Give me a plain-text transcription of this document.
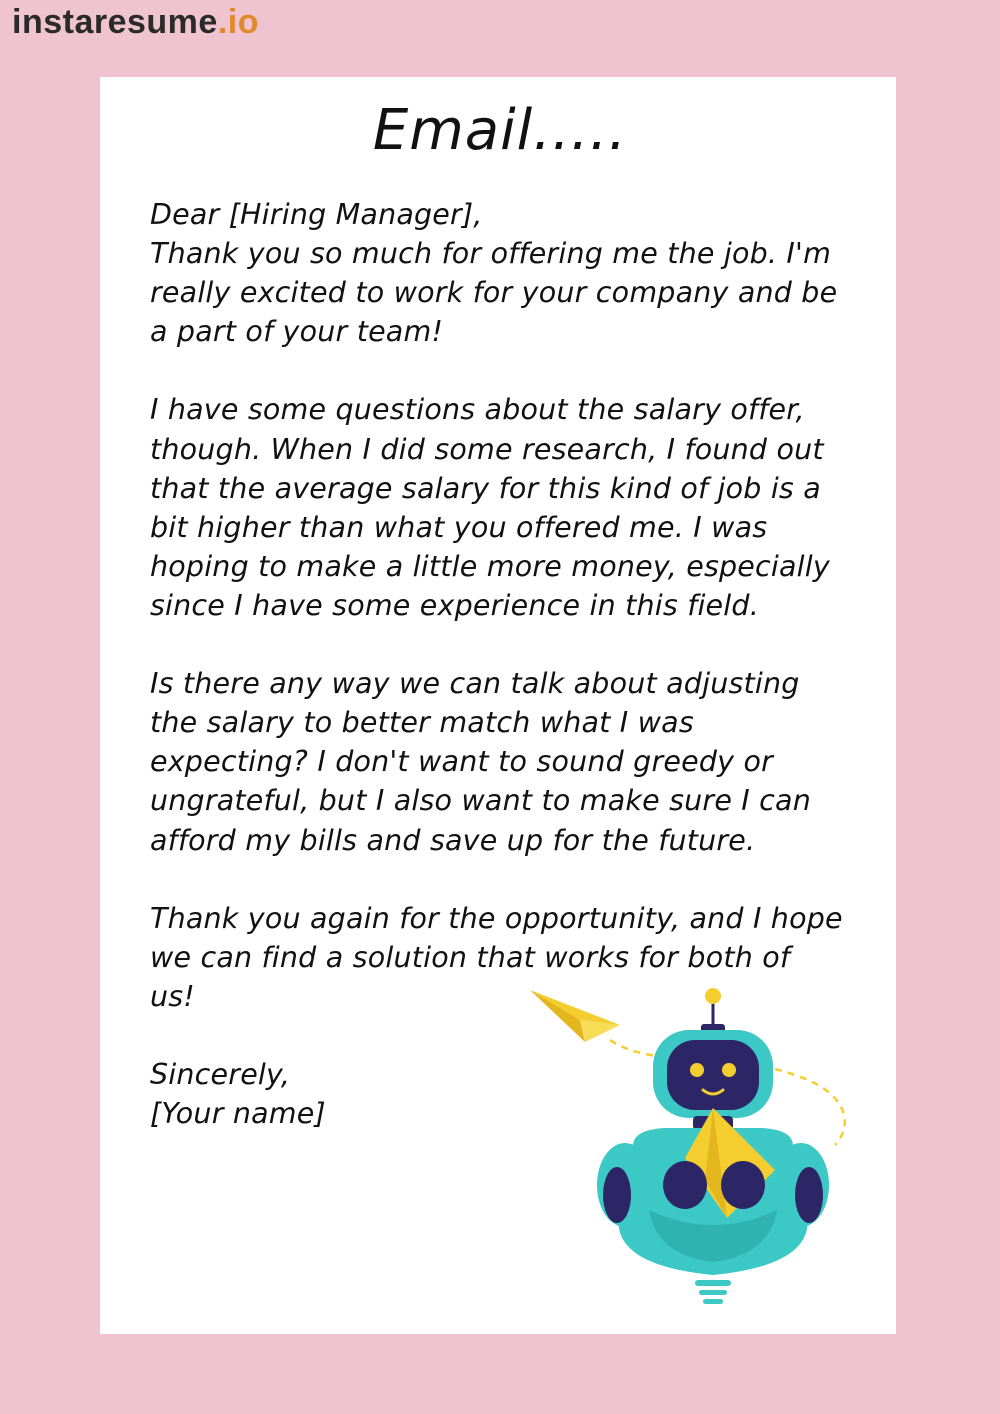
instaresume.io
Email.....

Dear [Hiring Manager],
Thank you so much for offering me the job. I'm
really excited to work for your company and be
a part of your team!

I have some questions about the salary offer,
though. When I did some research, I found out
that the average salary for this kind of job is a
bit higher than what you offered me. I was
hoping to make a little more money, especially
since I have some experience in this field.

Is there any way we can talk about adjusting
the salary to better match what I was
expecting? I don't want to sound greedy or
ungrateful, but I also want to make sure I can
afford my bills and save up for the future.

Thank you again for the opportunity, and I hope
we can find a solution that works for both of
us!

Sincerely,
[Your name]
